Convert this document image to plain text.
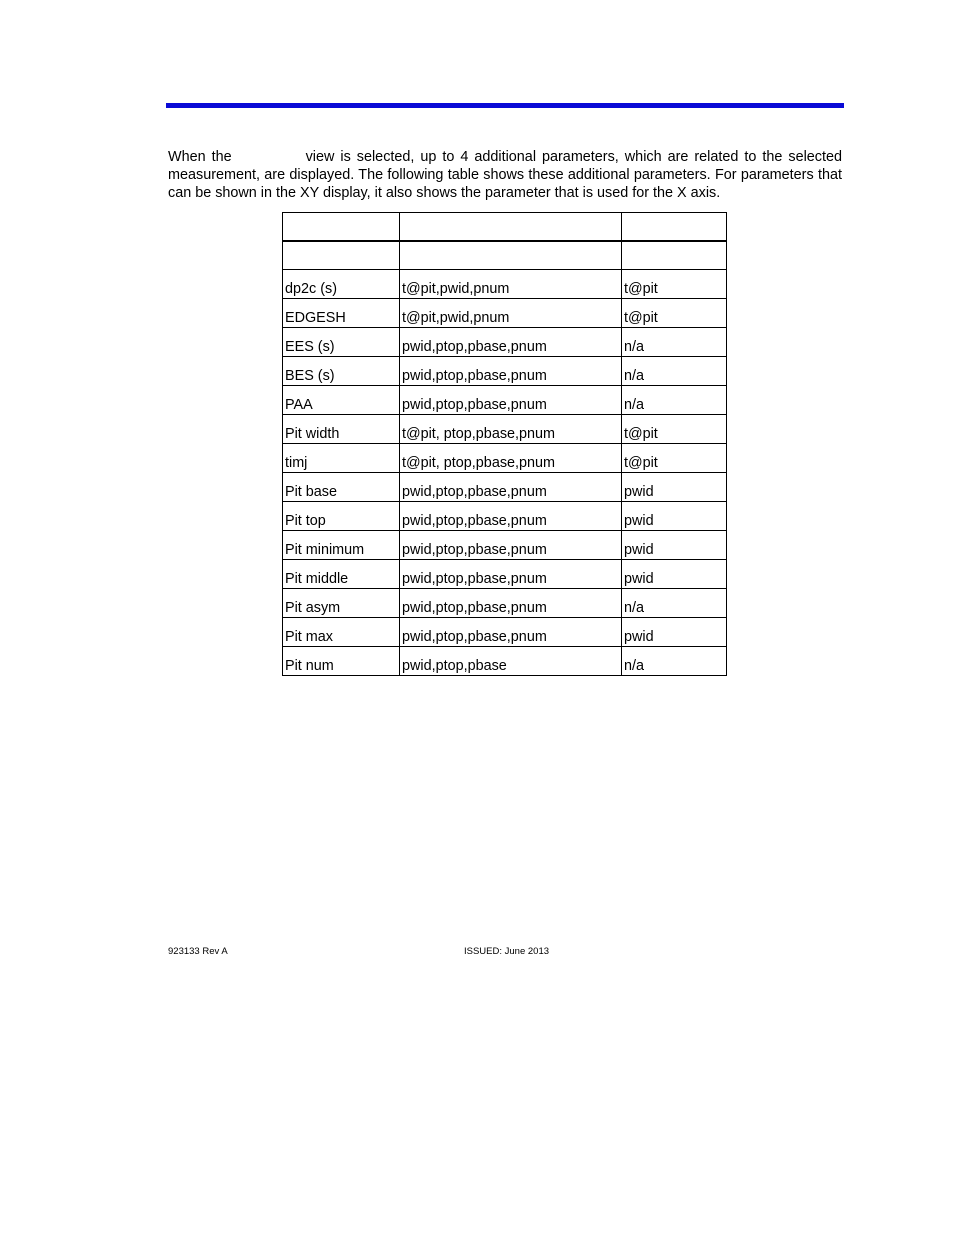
When the	view is selected, up to 4 additional parameters, which are related to the selected measurement, are displayed. The following table shows these additional parameters. For parameters that can be shown in the XY display, it also shows the parameter that is used for the X axis.

dp2c (s)	t@pit,pwid,pnum	t@pit
EDGESH	t@pit,pwid,pnum	t@pit
EES (s)	pwid,ptop,pbase,pnum	n/a
BES (s)	pwid,ptop,pbase,pnum	n/a
PAA	pwid,ptop,pbase,pnum	n/a
Pit width	t@pit, ptop,pbase,pnum	t@pit
timj	t@pit, ptop,pbase,pnum	t@pit
Pit base	pwid,ptop,pbase,pnum	pwid
Pit top	pwid,ptop,pbase,pnum	pwid
Pit minimum	pwid,ptop,pbase,pnum	pwid
Pit middle	pwid,ptop,pbase,pnum	pwid
Pit asym	pwid,ptop,pbase,pnum	n/a
Pit max	pwid,ptop,pbase,pnum	pwid
Pit num	pwid,ptop,pbase	n/a

923133 Rev A	ISSUED: June 2013
